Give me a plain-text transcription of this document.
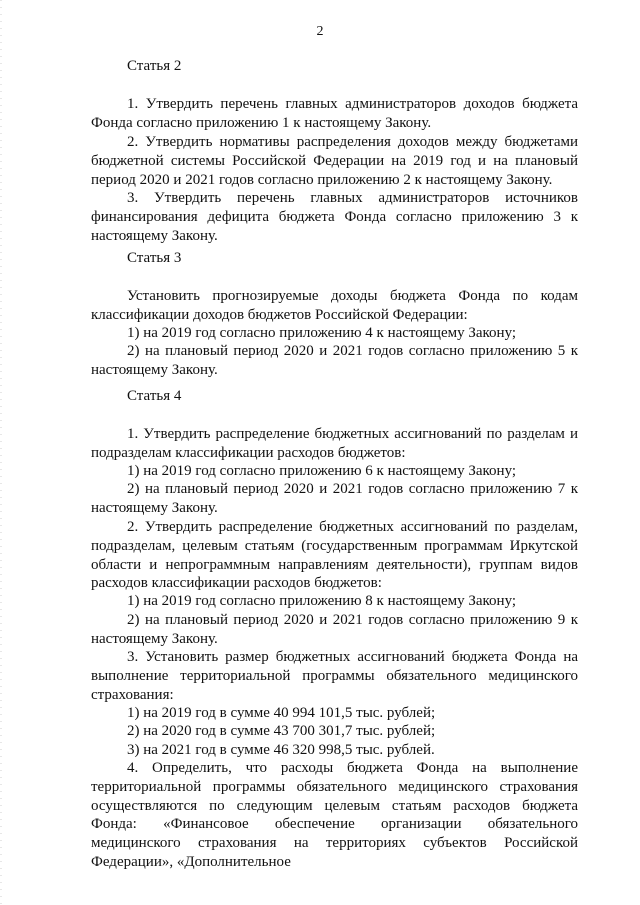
2
Статья 2
1. Утвердить перечень главных администраторов доходов бюджета Фонда согласно приложению 1 к настоящему Закону.
2. Утвердить нормативы распределения доходов между бюджетами бюджетной системы Российской Федерации на 2019 год и на плановый период 2020 и 2021 годов согласно приложению 2 к настоящему Закону.
3. Утвердить перечень главных администраторов источников финансирования дефицита бюджета Фонда согласно приложению 3 к настоящему Закону.
Статья 3
Установить прогнозируемые доходы бюджета Фонда по кодам классификации доходов бюджетов Российской Федерации:
1) на 2019 год согласно приложению 4 к настоящему Закону;
2) на плановый период 2020 и 2021 годов согласно приложению 5 к настоящему Закону.
Статья 4
1. Утвердить распределение бюджетных ассигнований по разделам и подразделам классификации расходов бюджетов:
1) на 2019 год согласно приложению 6 к настоящему Закону;
2) на плановый период 2020 и 2021 годов согласно приложению 7 к настоящему Закону.
2. Утвердить распределение бюджетных ассигнований по разделам, подразделам, целевым статьям (государственным программам Иркутской области и непрограммным направлениям деятельности), группам видов расходов классификации расходов бюджетов:
1) на 2019 год согласно приложению 8 к настоящему Закону;
2) на плановый период 2020 и 2021 годов согласно приложению 9 к настоящему Закону.
3. Установить размер бюджетных ассигнований бюджета Фонда на выполнение территориальной программы обязательного медицинского страхования:
1) на 2019 год в сумме 40 994 101,5 тыс. рублей;
2) на 2020 год в сумме 43 700 301,7 тыс. рублей;
3) на 2021 год в сумме 46 320 998,5 тыс. рублей.
4. Определить, что расходы бюджета Фонда на выполнение территориальной программы обязательного медицинского страхования осуществляются по следующим целевым статьям расходов бюджета Фонда: «Финансовое обеспечение организации обязательного медицинского страхования на территориях субъектов Российской Федерации», «Дополнительное
